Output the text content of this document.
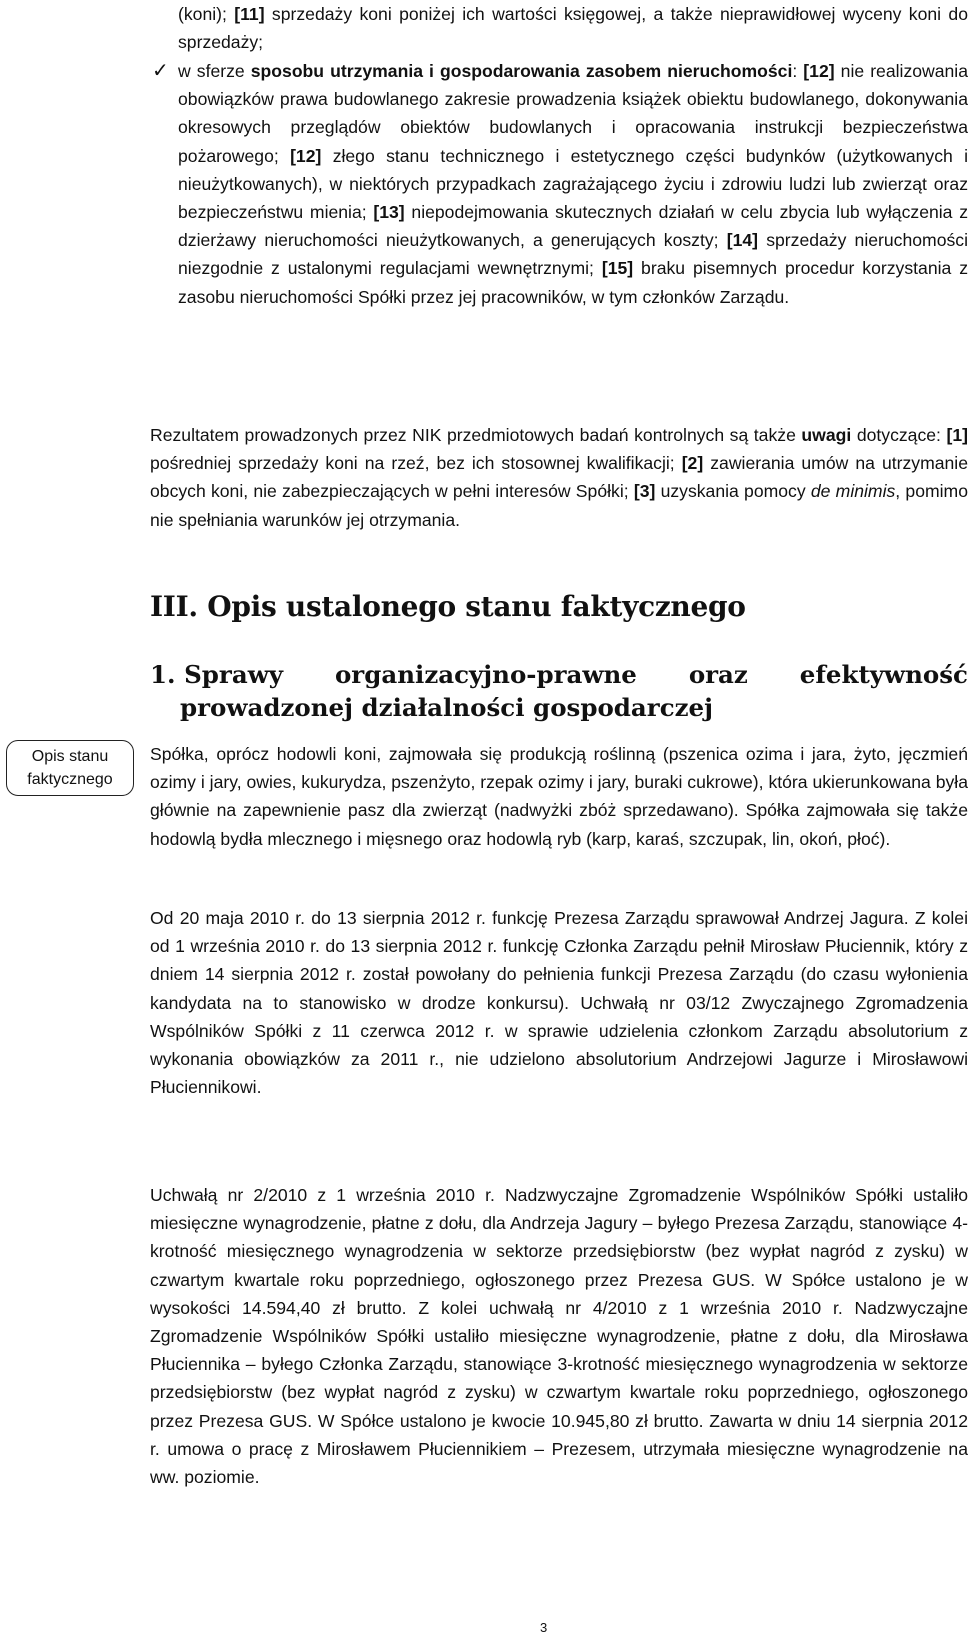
(koni); [11] sprzedaży koni poniżej ich wartości księgowej, a także nieprawidłowej wyceny koni do sprzedaży;

✓ w sferze sposobu utrzymania i gospodarowania zasobem nieruchomości: [12] nie realizowania obowiązków prawa budowlanego zakresie prowadzenia książek obiektu budowlanego, dokonywania okresowych przeglądów obiektów budowlanych i opracowania instrukcji bezpieczeństwa pożarowego; [12] złego stanu technicznego i estetycznego części budynków (użytkowanych i nieużytkowanych), w niektórych przypadkach zagrażającego życiu i zdrowiu ludzi lub zwierząt oraz bezpieczeństwu mienia; [13] niepodejmowania skutecznych działań w celu zbycia lub wyłączenia z dzierżawy nieruchomości nieużytkowanych, a generujących koszty; [14] sprzedaży nieruchomości niezgodnie z ustalonymi regulacjami wewnętrznymi; [15] braku pisemnych procedur korzystania z zasobu nieruchomości Spółki przez jej pracowników, w tym członków Zarządu.

Rezultatem prowadzonych przez NIK przedmiotowych badań kontrolnych są także uwagi dotyczące: [1] pośredniej sprzedaży koni na rzeź, bez ich stosownej kwalifikacji; [2] zawierania umów na utrzymanie obcych koni, nie zabezpieczających w pełni interesów Spółki; [3] uzyskania pomocy de minimis, pomimo nie spełniania warunków jej otrzymania.

III. Opis ustalonego stanu faktycznego
1. Sprawy organizacyjno-prawne oraz efektywność
prowadzonej działalności gospodarczej
Opis stanu
faktycznego

Spółka, oprócz hodowli koni, zajmowała się produkcją roślinną (pszenica ozima i jara, żyto, jęczmień ozimy i jary, owies, kukurydza, pszenżyto, rzepak ozimy i jary, buraki cukrowe), która ukierunkowana była głównie na zapewnienie pasz dla zwierząt (nadwyżki zbóż sprzedawano). Spółka zajmowała się także hodowlą bydła mlecznego i mięsnego oraz hodowlą ryb (karp, karaś, szczupak, lin, okoń, płoć).

Od 20 maja 2010 r. do 13 sierpnia 2012 r. funkcję Prezesa Zarządu sprawował Andrzej Jagura. Z kolei od 1 września 2010 r. do 13 sierpnia 2012 r. funkcję Członka Zarządu pełnił Mirosław Płuciennik, który z dniem 14 sierpnia 2012 r. został powołany do pełnienia funkcji Prezesa Zarządu (do czasu wyłonienia kandydata na to stanowisko w drodze konkursu). Uchwałą nr 03/12 Zwyczajnego Zgromadzenia Wspólników Spółki z 11 czerwca 2012 r. w sprawie udzielenia członkom Zarządu absolutorium z wykonania obowiązków za 2011 r., nie udzielono absolutorium Andrzejowi Jagurze i Mirosławowi Płuciennikowi.

Uchwałą nr 2/2010 z 1 września 2010 r. Nadzwyczajne Zgromadzenie Wspólników Spółki ustaliło miesięczne wynagrodzenie, płatne z dołu, dla Andrzeja Jagury – byłego Prezesa Zarządu, stanowiące 4-krotność miesięcznego wynagrodzenia w sektorze przedsiębiorstw (bez wypłat nagród z zysku) w czwartym kwartale roku poprzedniego, ogłoszonego przez Prezesa GUS. W Spółce ustalono je w wysokości 14.594,40 zł brutto. Z kolei uchwałą nr 4/2010 z 1 września 2010 r. Nadzwyczajne Zgromadzenie Wspólników Spółki ustaliło miesięczne wynagrodzenie, płatne z dołu, dla Mirosława Płuciennika – byłego Członka Zarządu, stanowiące 3-krotność miesięcznego wynagrodzenia w sektorze przedsiębiorstw (bez wypłat nagród z zysku) w czwartym kwartale roku poprzedniego, ogłoszonego przez Prezesa GUS. W Spółce ustalono je kwocie 10.945,80 zł brutto. Zawarta w dniu 14 sierpnia 2012 r. umowa o pracę z Mirosławem Płuciennikiem – Prezesem, utrzymała miesięczne wynagrodzenie na ww. poziomie.

3
